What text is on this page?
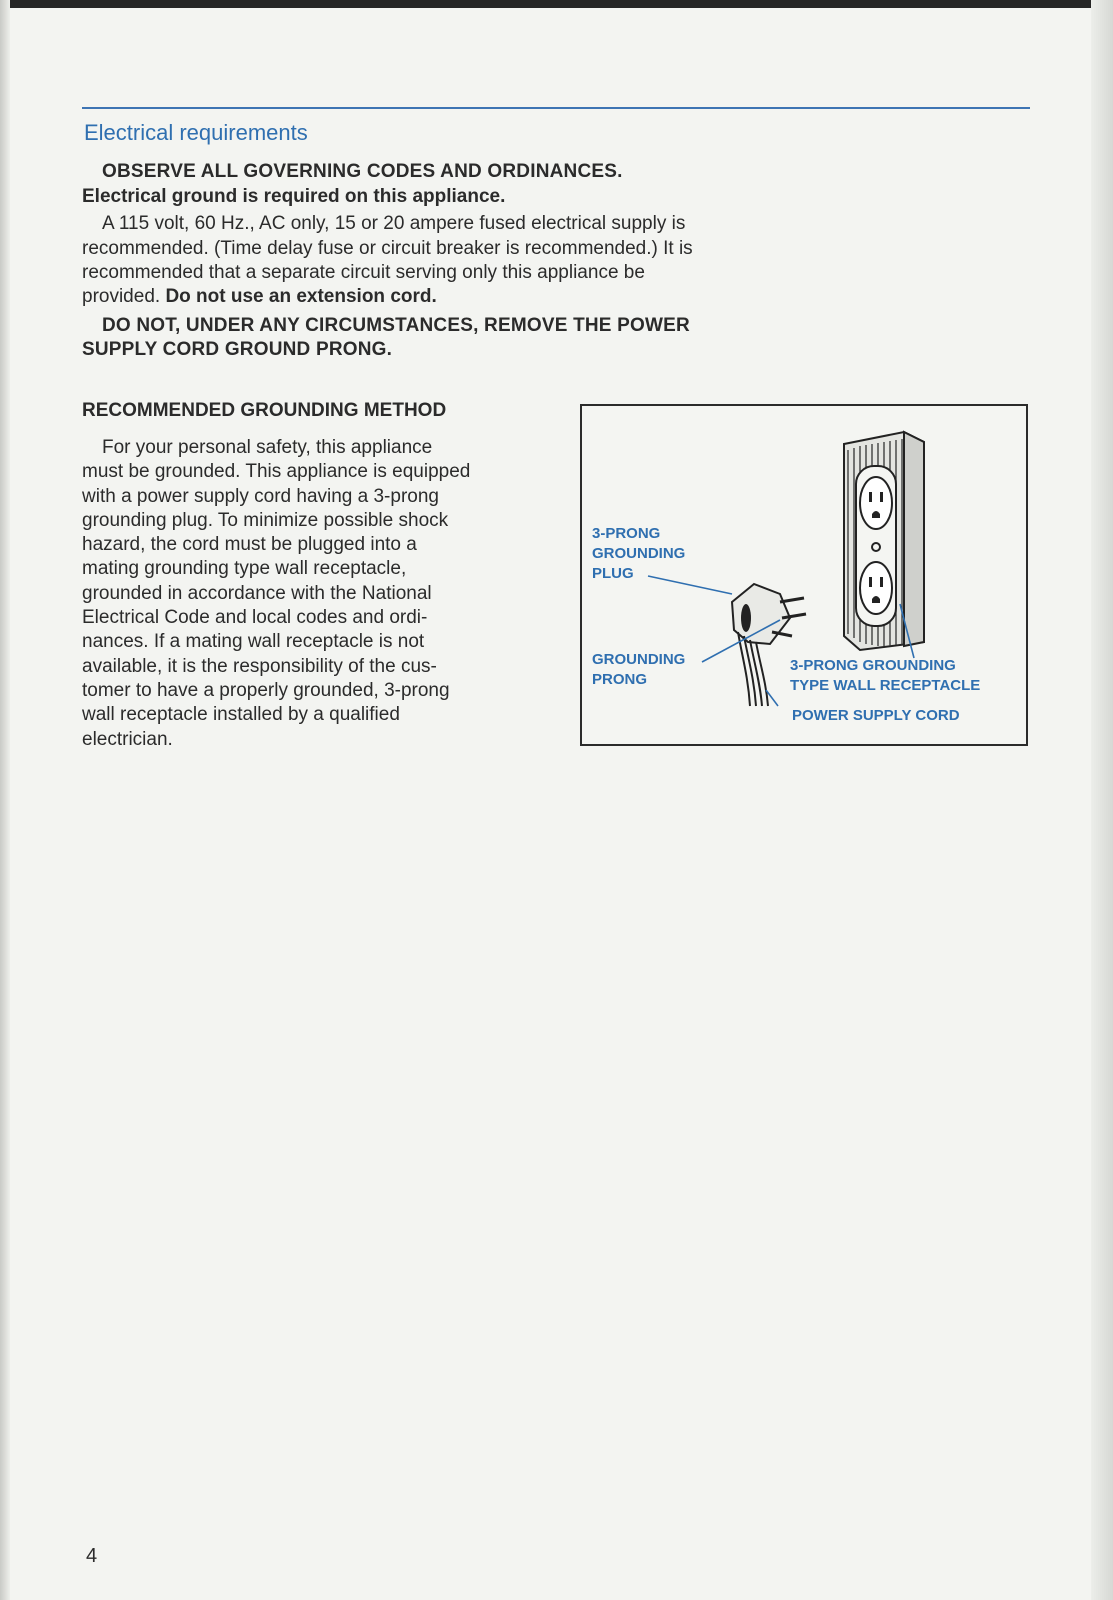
Electrical requirements

OBSERVE ALL GOVERNING CODES AND ORDINANCES.

Electrical ground is required on this appliance.

A 115 volt, 60 Hz., AC only, 15 or 20 ampere fused electrical supply is

recommended. (Time delay fuse or circuit breaker is recommended.) It is

recommended that a separate circuit serving only this appliance be

provided. Do not use an extension cord.

DO NOT, UNDER ANY CIRCUMSTANCES, REMOVE THE POWER

SUPPLY CORD GROUND PRONG.

RECOMMENDED GROUNDING METHOD
For your personal safety, this appliance
must be grounded. This appliance is equipped
with a power supply cord having a 3-prong
grounding plug. To minimize possible shock
hazard, the cord must be plugged into a
mating grounding type wall receptacle,
grounded in accordance with the National
Electrical Code and local codes and ordi-
nances. If a mating wall receptacle is not
available, it is the responsibility of the cus-
tomer to have a properly grounded, 3-prong
wall receptacle installed by a qualified
electrician.
3-PRONG
GROUNDING
PLUG
GROUNDING
PRONG
3-PRONG GROUNDING
TYPE WALL RECEPTACLE
POWER SUPPLY CORD
4
